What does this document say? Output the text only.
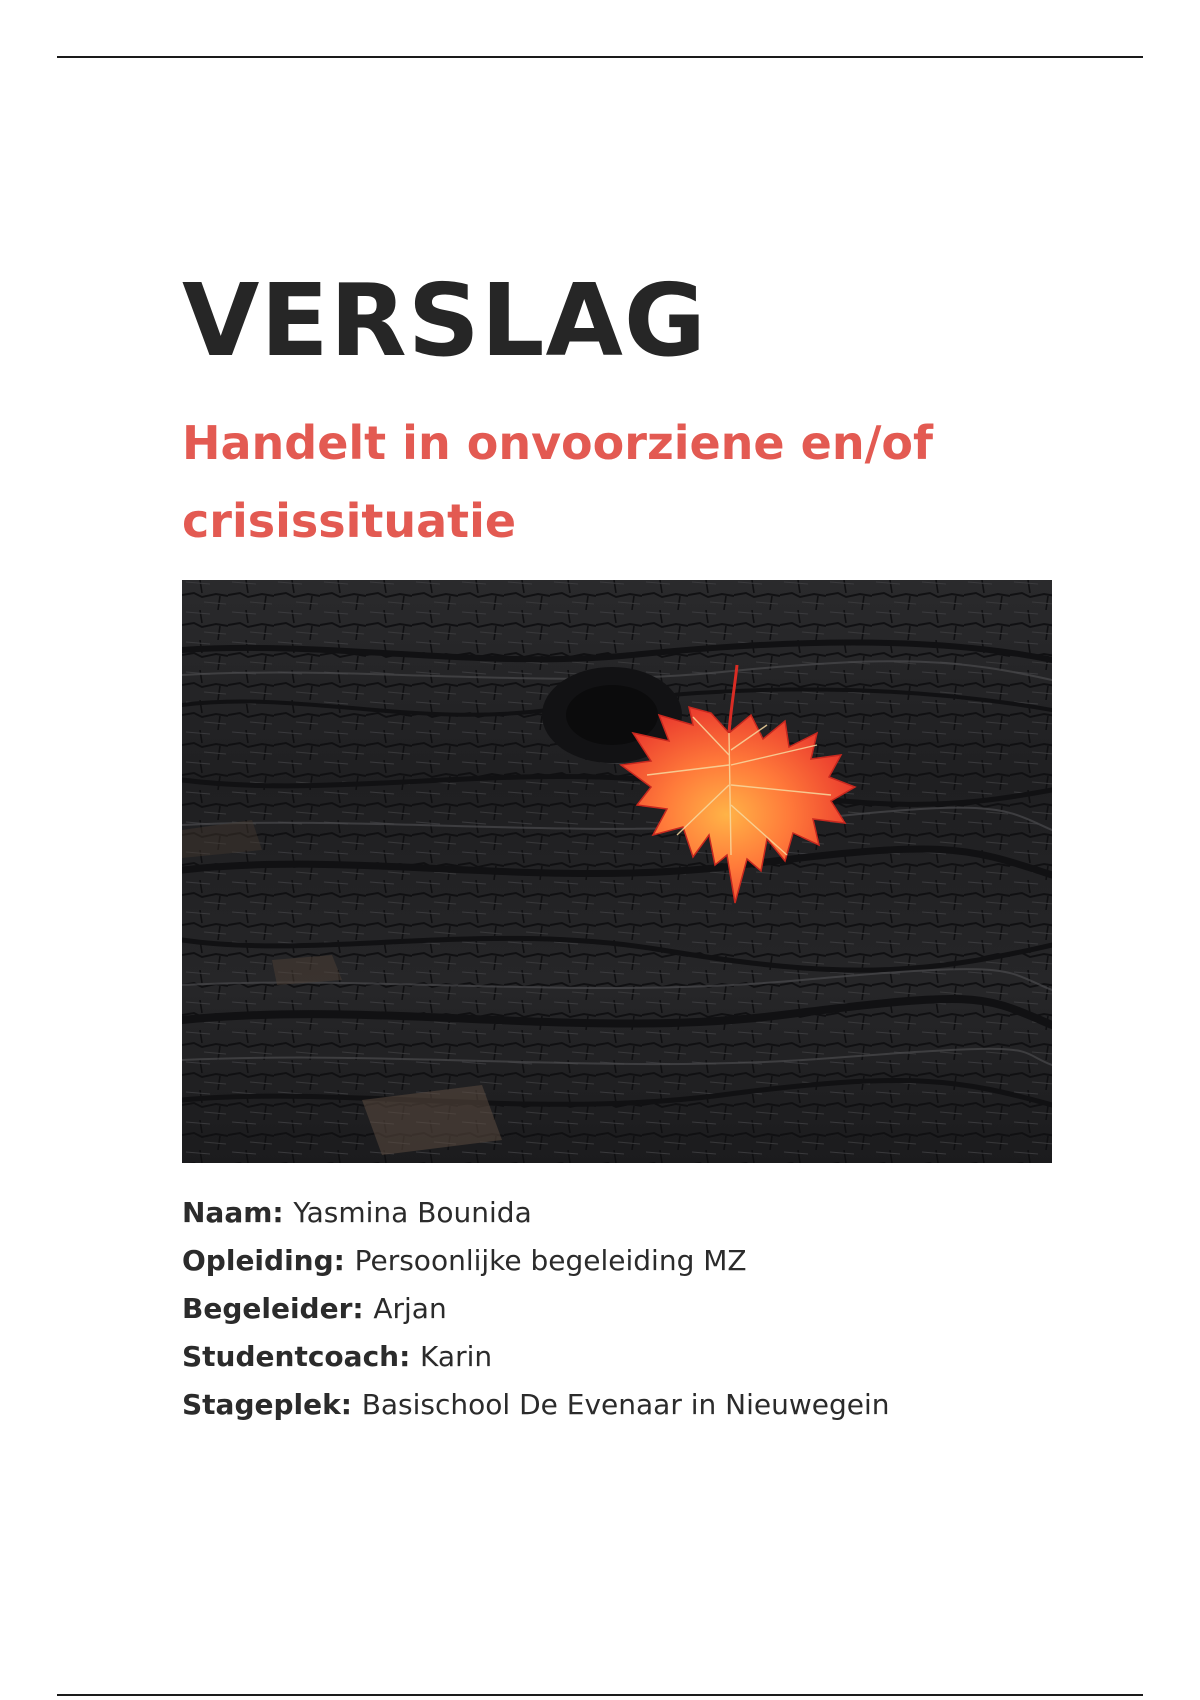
VERSLAG
Handelt in onvoorziene en/of crisissituatie
Naam: Yasmina Bounida
Opleiding: Persoonlijke begeleiding MZ
Begeleider: Arjan
Studentcoach: Karin
Stageplek: Basischool De Evenaar in Nieuwegein
